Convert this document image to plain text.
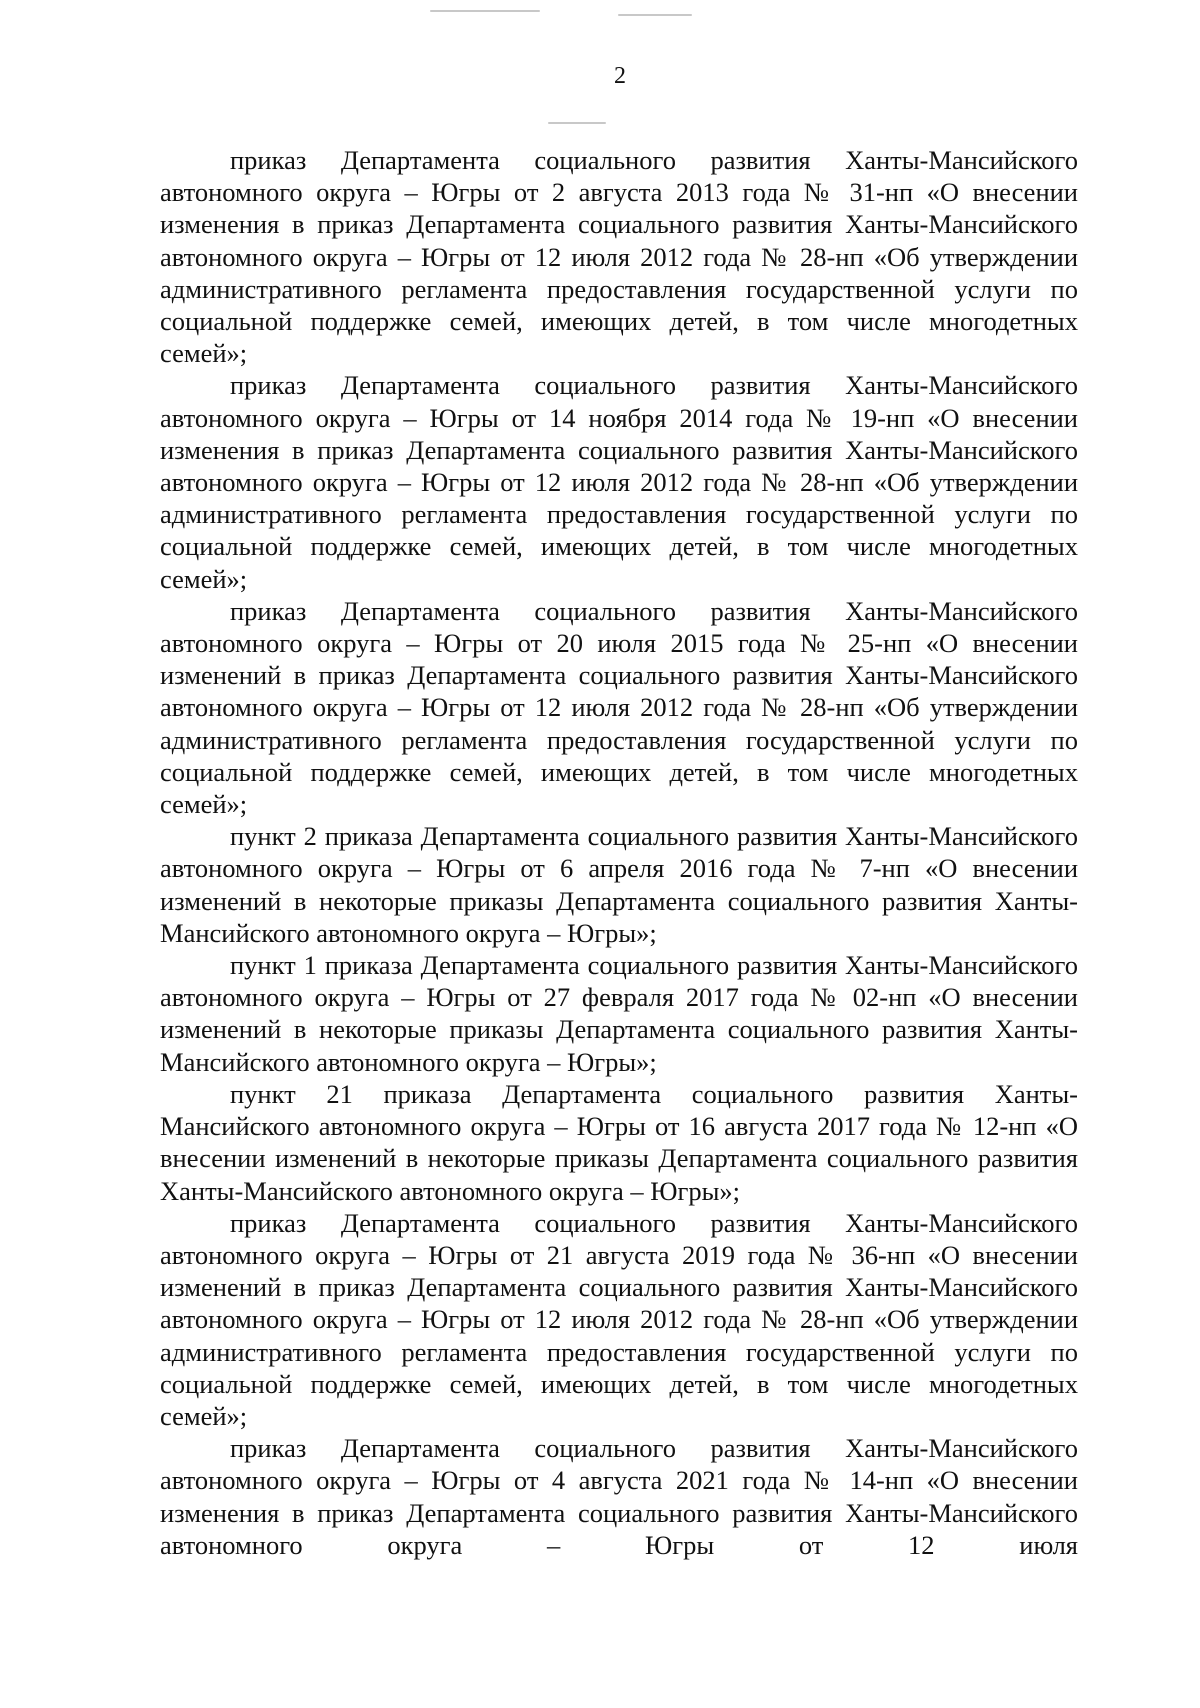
2

приказ Департамента социального развития Ханты-Мансийского автономного округа – Югры от 2 августа 2013 года № 31-нп «О внесении изменения в приказ Департамента социального развития Ханты-Мансийского автономного округа – Югры от 12 июля 2012 года № 28-нп «Об утверждении административного регламента предоставления государственной услуги по социальной поддержке семей, имеющих детей, в том числе многодетных семей»;

приказ Департамента социального развития Ханты-Мансийского автономного округа – Югры от 14 ноября 2014 года № 19-нп «О внесении изменения в приказ Департамента социального развития Ханты-Мансийского автономного округа – Югры от 12 июля 2012 года № 28-нп «Об утверждении административного регламента предоставления государственной услуги по социальной поддержке семей, имеющих детей, в том числе многодетных семей»;

приказ Департамента социального развития Ханты-Мансийского автономного округа – Югры от 20 июля 2015 года № 25-нп «О внесении изменений в приказ Департамента социального развития Ханты-Мансийского автономного округа – Югры от 12 июля 2012 года № 28-нп «Об утверждении административного регламента предоставления государственной услуги по социальной поддержке семей, имеющих детей, в том числе многодетных семей»;

пункт 2 приказа Департамента социального развития Ханты-Мансийского автономного округа – Югры от 6 апреля 2016 года № 7-нп «О внесении изменений в некоторые приказы Департамента социального развития Ханты-Мансийского автономного округа – Югры»;

пункт 1 приказа Департамента социального развития Ханты-Мансийского автономного округа – Югры от 27 февраля 2017 года № 02-нп «О внесении изменений в некоторые приказы Департамента социального развития Ханты-Мансийского автономного округа – Югры»;

пункт 21 приказа Департамента социального развития Ханты-Мансийского автономного округа – Югры от 16 августа 2017 года № 12-нп «О внесении изменений в некоторые приказы Департамента социального развития Ханты-Мансийского автономного округа – Югры»;

приказ Департамента социального развития Ханты-Мансийского автономного округа – Югры от 21 августа 2019 года № 36-нп «О внесении изменений в приказ Департамента социального развития Ханты-Мансийского автономного округа – Югры от 12 июля 2012 года № 28-нп «Об утверждении административного регламента предоставления государственной услуги по социальной поддержке семей, имеющих детей, в том числе многодетных семей»;

приказ Департамента социального развития Ханты-Мансийского автономного округа – Югры от 4 августа 2021 года № 14-нп «О внесении изменения в приказ Департамента социального развития Ханты-Мансийского автономного округа – Югры от 12 июля
